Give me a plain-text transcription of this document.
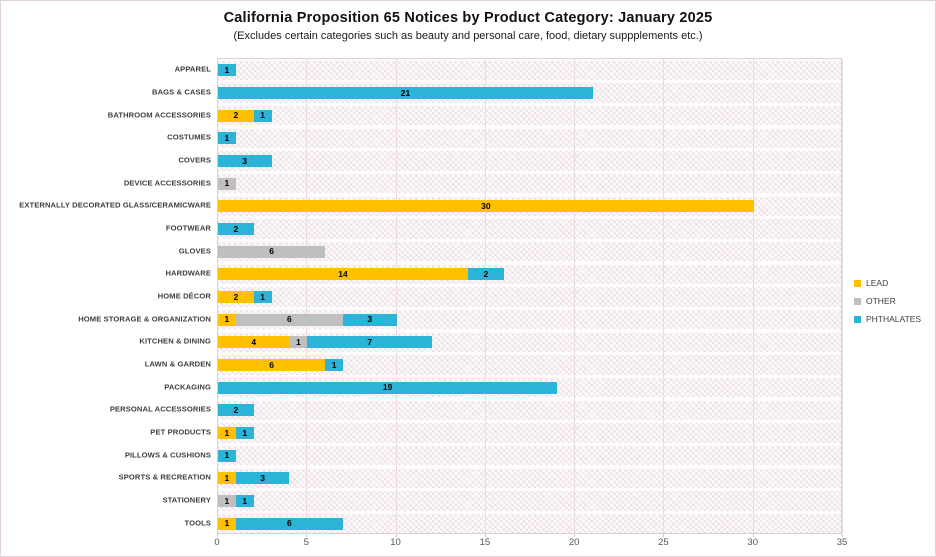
California Proposition 65 Notices by Product Category: January 2025
(Excludes certain categories such as beauty and personal care, food, dietary suppplements etc.)
APPAREL
BAGS & CASES
BATHROOM ACCESSORIES
COSTUMES
COVERS
DEVICE ACCESSORIES
EXTERNALLY DECORATED GLASS/CERAMICWARE
FOOTWEAR
GLOVES
HARDWARE
HOME DÉCOR
HOME STORAGE & ORGANIZATION
KITCHEN & DINING
LAWN & GARDEN
PACKAGING
PERSONAL ACCESSORIES
PET PRODUCTS
PILLOWS & CUSHIONS
SPORTS & RECREATION
STATIONERY
TOOLS
1
21
2	1
1
3
1
30
2
6
14	2
2	1
1	6	3
4	1	7
6	1
19
2
1 1
1
1	3
1 1
1	6
0	5	10	15	20	25	30	35
LEAD
OTHER
PHTHALATES
